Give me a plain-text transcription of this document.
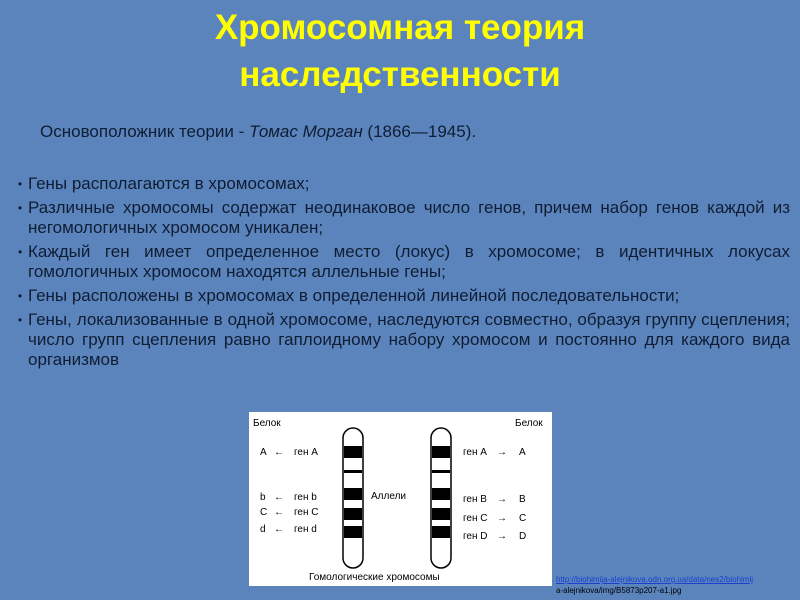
Хромосомная теория
наследственности
Основоположник теории - Томас Морган (1866—1945).
• Гены располагаются в хромосомах;
• Различные хромосомы содержат неодинаковое число генов, причем набор генов каждой из негомологичных хромосом уникален;
• Каждый ген имеет определенное место (локус) в хромосоме; в идентичных локусах гомологичных хромосом находятся аллельные гены;
• Гены расположены в хромосомах в определенной линейной последовательности;
• Гены, локализованные в одной хромосоме, наследуются совместно, образуя группу сцепления; число групп сцепления равно гаплоидному набору хромосом и постоянно для каждого вида организмов
Белок	Белок
A ← ген A
b ← ген b
C ← ген C
d ← ген d
Аллели
ген A → A
ген B → B
ген C → C
ген D → D
Гомологические хромосомы	http://biohimija-alejnikova.odn.org.ua/data/nes2/biohimij
a-alejnikova/img/B5873p207-a1.jpg
